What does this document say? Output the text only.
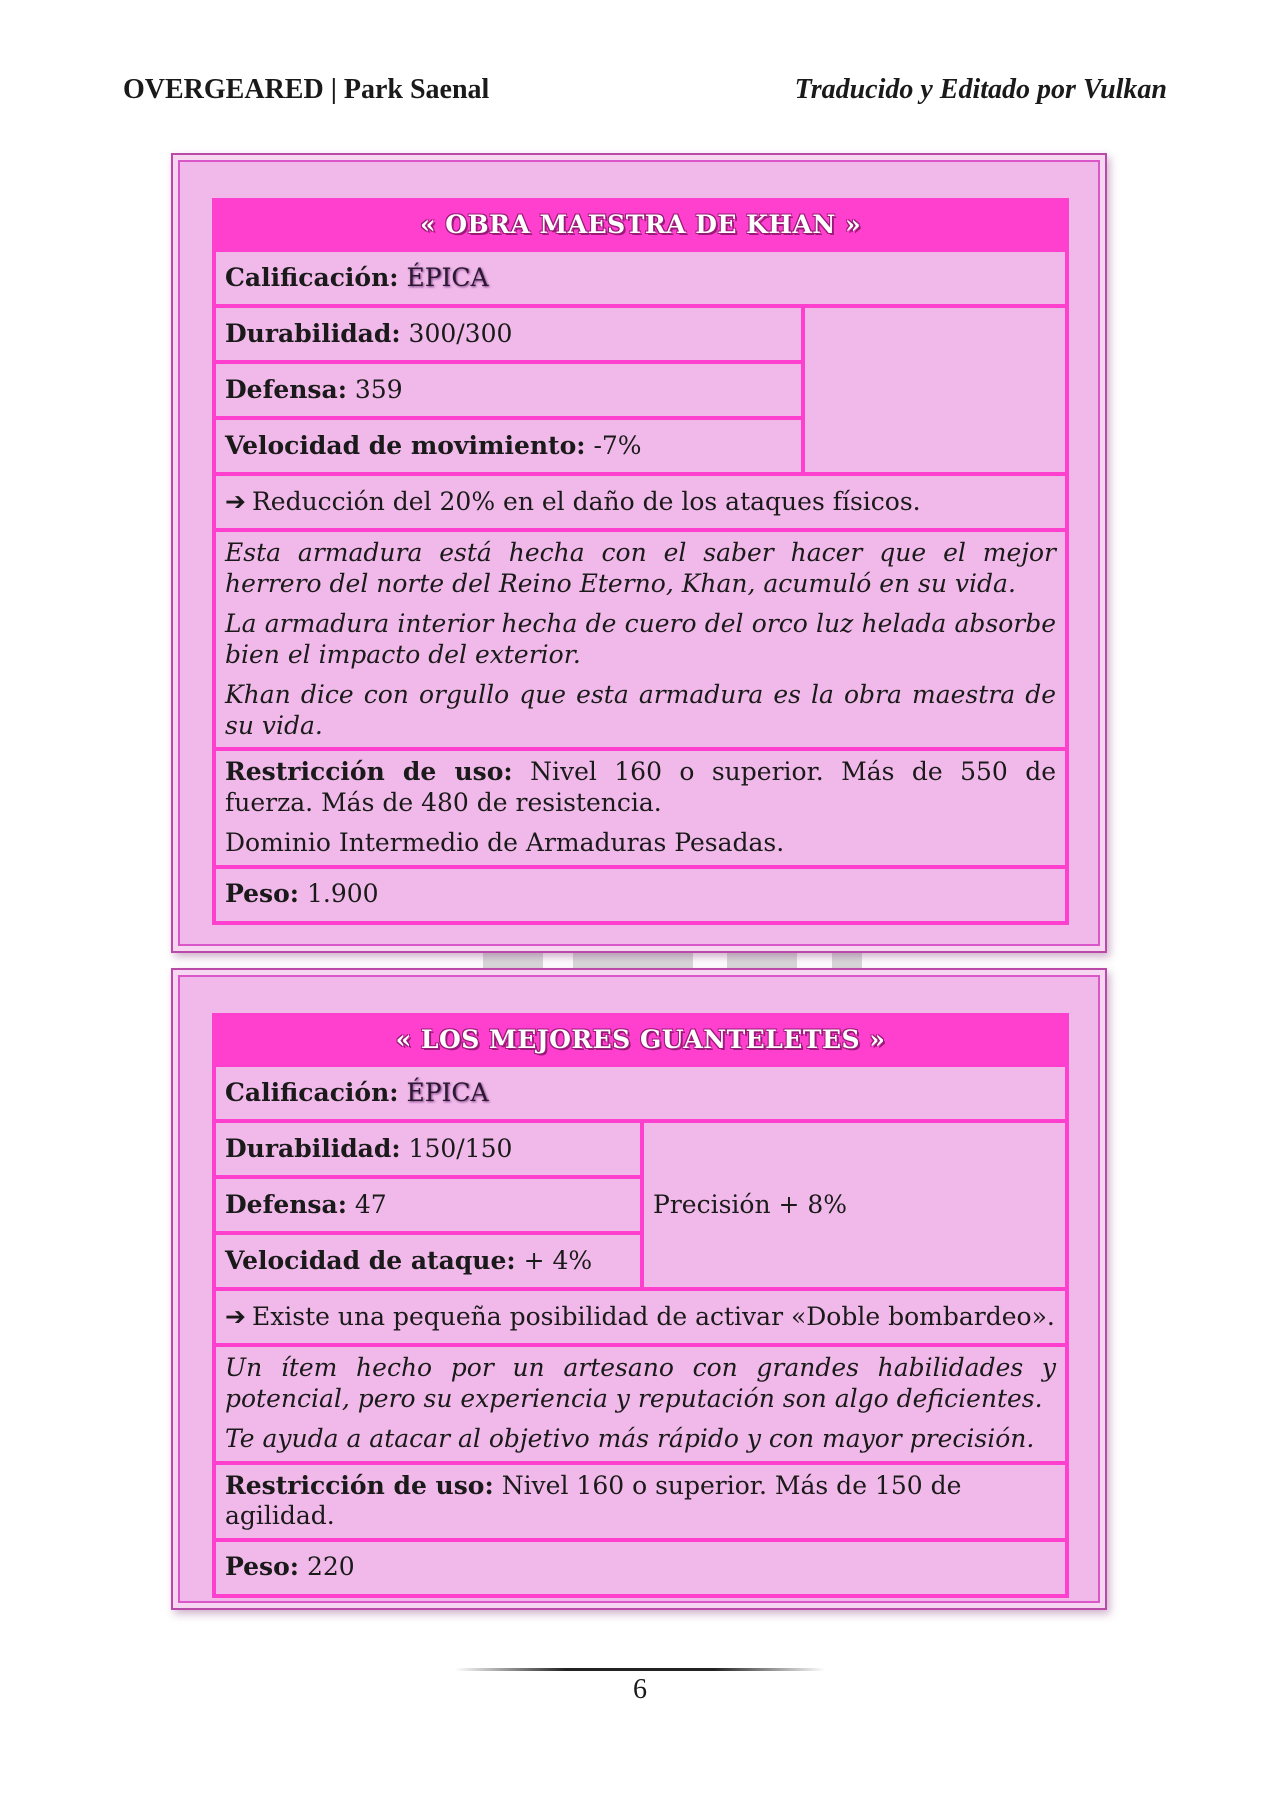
OVERGEARED | Park Saenal	Traducido y Editado por Vulkan
« OBRA MAESTRA DE KHAN »
Calificación: ÉPICA
Durabilidad: 300/300	
Defensa: 359
Velocidad de movimiento: -7%
➔ Reducción del 20% en el daño de los ataques físicos.

Esta armadura está hecha con el saber hacer que el mejor herrero del norte del Reino Eterno, Khan, acumuló en su vida.

La armadura interior hecha de cuero del orco luz helada absorbe bien el impacto del exterior.

Khan dice con orgullo que esta armadura es la obra maestra de su vida.

Restricción de uso: Nivel 160 o superior. Más de 550 de fuerza. Más de 480 de resistencia.

Dominio Intermedio de Armaduras Pesadas.

Peso: 1.900
« LOS MEJORES GUANTELETES »
Calificación: ÉPICA
Durabilidad: 150/150	Precisión + 8%
Defensa: 47
Velocidad de ataque: + 4%
➔ Existe una pequeña posibilidad de activar «Doble bombardeo».

Un ítem hecho por un artesano con grandes habilidades y potencial, pero su experiencia y reputación son algo deficientes.

Te ayuda a atacar al objetivo más rápido y con mayor precisión.

Restricción de uso: Nivel 160 o superior. Más de 150 de agilidad.
Peso: 220
6
